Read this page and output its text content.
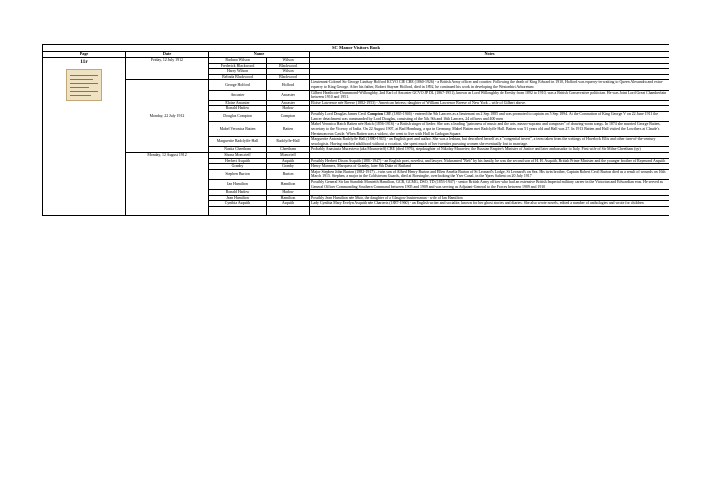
SC Manor Visitors Book				
Page	Date	Name		Notes

11r	Friday, 12 July 1912	Barbara Wilson	Wilson	
		Frederick Blackwood	Blackwood	
		Harry Wilson	Wilson	
		Belinda Blackwood	Blackwood	
	Monday, 22 July 1912	George Holford	Holford	Lieutenant-Colonel Sir George Lindsay Holford KCVO CIE CBE (1860-1926) - a British Army officer and courtier. Following the death of King Edward in 1910, Holford was equerry-in-waiting to Queen Alexandra and extra-equerry to King George. After his father, Robert Stayner Holford, died in 1892, he continued his work in developing the Westonbirt Arboretum
		Ancaster	Ancaster	Gilbert Heathcote-Drummond-Willoughby, 2nd Earl of Ancaster GCVO JP DL (1867-1951), known as Lord Willoughby de Eresby from 1892 to 1910, was a British Conservative politician. He was Joint Lord Great Chamberlain between 1910 and 1951.
		Eloise Ancaster	Ancaster	Eloise Lawrence née Breese (1882-1953) - American heiress; daughter of William Lawrence Breese of New York – wife of Gilbert above.
		Ronald Hadow	Hadow	
		Douglas Compton	Compton	Possibly Lord Douglas James Cecil Compton CBE (1865-1946) - entered the 9th Lancers as a lieutenant on 2 Sep 1885 and was promoted to captain on 5 Sep 1894. At the Coronation of King George V on 22 June 1911 the Lancer detachment was commanded by Lord Douglas, consisting of the 5th, 9th and 16th Lancers, 24 officers and 400 men
		Mabel Veronica Batten	Batten	Mabel Veronica Hatch Batten née Hatch (1856-1916) - a British singer of lieder. She was a leading "patroness of music and the arts, mezzo-soprano and composer" of drawing-room songs. In 1874 she married George Batten, secretary to the Viceroy of India. On 22 August 1907, at Bad Homburg, a spa in Germany, Mabel Batten met Radclyffe Hall. Batten was 51 years old and Hall was 27. In 1913 Batten and Hall visited the Lowthers at Claude's Herstmonceux Castle. When Batten was a widow, she went to live with Hall in Cadogan Square.
		Marguerite Radclyffe-Hall	Radclyffe-Hall	Marguerite Antonia Radclyffe Hall (1880-1943) - an English poet and author. She was a lesbian, but described herself as a "congenital invert", a term taken from the writings of Havelock Ellis and other turn-of-the-century sexologists. Having reached adulthood without a vocation, she spent much of her twenties pursuing women she eventually lost to marriage.
		Nastia Cheetham	Cheetham	Probably Anastasia Muravieva (aka Mouravieff) CBE (died 1976), stepdaughter of Nikolay Muraviev, the Russian Empire's Minister of Justice and later ambassador to Italy. First wife of Sir Milne Cheetham (qv)
	Monday, 12 August 1912	Shona Moncrieff	Moncrieff	
		Herbert Asquith	Asquith	Possibly Herbert Dixon Asquith (1881-1947) - an English poet, novelist, and lawyer. Nicknamed "Beb" by his family, he was the second son of H. H. Asquith, British Prime Minister and the younger brother of Raymond Asquith
		Granby	Granby	Henry Manners, Marquess of Granby, later 8th Duke of Rutland
		Stephen Burton	Burton	Major Stephen John Burton (1882-1917) – twin son of Alfred Henry Burton and Ellen Amelia Burton of St Leonard's Lodge, St Leonard's on Sea. His twin brother, Captain Robert Cecil Burton died as a result of wounds on 16th March 1915. Stephen, a major in the Coldstream Guards, died at Boesinghe, overlooking the Yser Canal, in the Ypres Salient on 20 July 1917
		Ian Hamilton	Hamilton	Possibly General Sir Ian Standish Monteith Hamilton, GCB, GCMG, DSO, TD (1853-1947) - senior British Army officer who had an extensive British Imperial military career in the Victorian and Edwardian eras. He served as General Officer Commanding Southern Command between 1905 and 1909 and was serving as Adjutant-General to the Forces between 1909 and 1910
		Ronald Hadow	Hadow	
		Jean Hamilton	Hamilton	Possibly Jean Hamilton née Muir, the daughter of a Glasgow businessman - wife of Ian Hamilton
		Cynthia Asquith	Asquith	Lady Cynthia Mary Evelyn Asquith née Charteris (1887-1960) - an English writer and socialite, known for her ghost stories and diaries. She also wrote novels, edited a number of anthologies and wrote for children
